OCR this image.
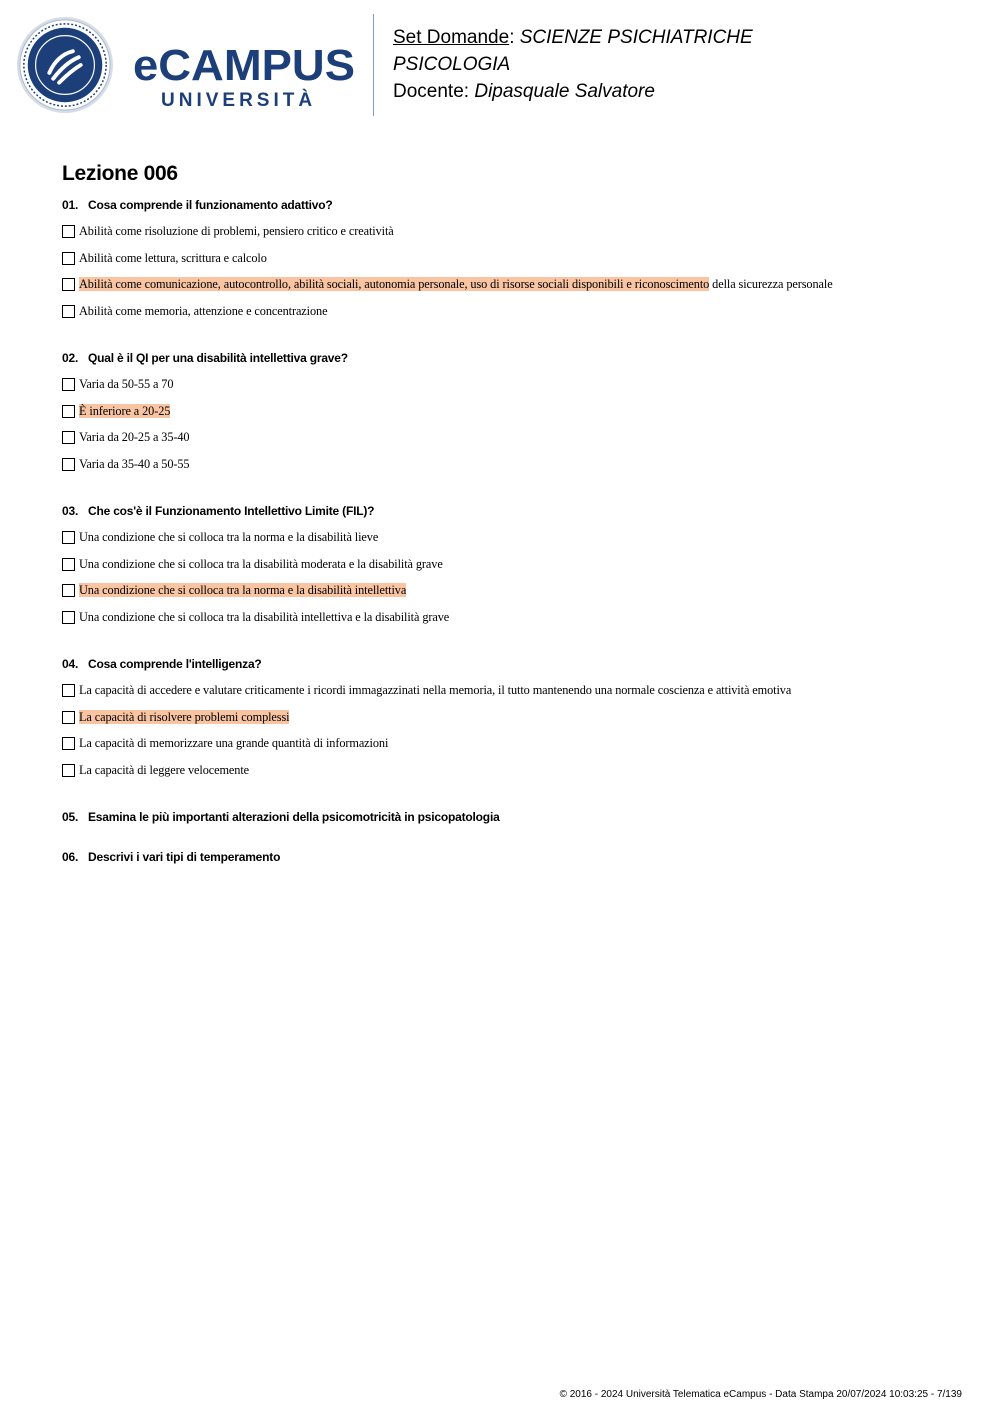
eCAMPUS
UNIVERSITÀ
Set Domande: SCIENZE PSICHIATRICHE
PSICOLOGIA
Docente: Dipasquale Salvatore
Lezione 006
01. Cosa comprende il funzionamento adattivo?
Abilità come risoluzione di problemi, pensiero critico e creatività
Abilità come lettura, scrittura e calcolo
Abilità come comunicazione, autocontrollo, abilità sociali, autonomia personale, uso di risorse sociali disponibili e riconoscimento della sicurezza personale
Abilità come memoria, attenzione e concentrazione
02. Qual è il QI per una disabilità intellettiva grave?
Varia da 50-55 a 70
È inferiore a 20-25
Varia da 20-25 a 35-40
Varia da 35-40 a 50-55
03. Che cos'è il Funzionamento Intellettivo Limite (FIL)?
Una condizione che si colloca tra la norma e la disabilità lieve
Una condizione che si colloca tra la disabilità moderata e la disabilità grave
Una condizione che si colloca tra la norma e la disabilità intellettiva
Una condizione che si colloca tra la disabilità intellettiva e la disabilità grave
04. Cosa comprende l'intelligenza?
La capacità di accedere e valutare criticamente i ricordi immagazzinati nella memoria, il tutto mantenendo una normale coscienza e attività emotiva
La capacità di risolvere problemi complessi
La capacità di memorizzare una grande quantità di informazioni
La capacità di leggere velocemente
05. Esamina le più importanti alterazioni della psicomotricità in psicopatologia
06. Descrivi i vari tipi di temperamento
© 2016 - 2024 Università Telematica eCampus - Data Stampa 20/07/2024 10:03:25 - 7/139
